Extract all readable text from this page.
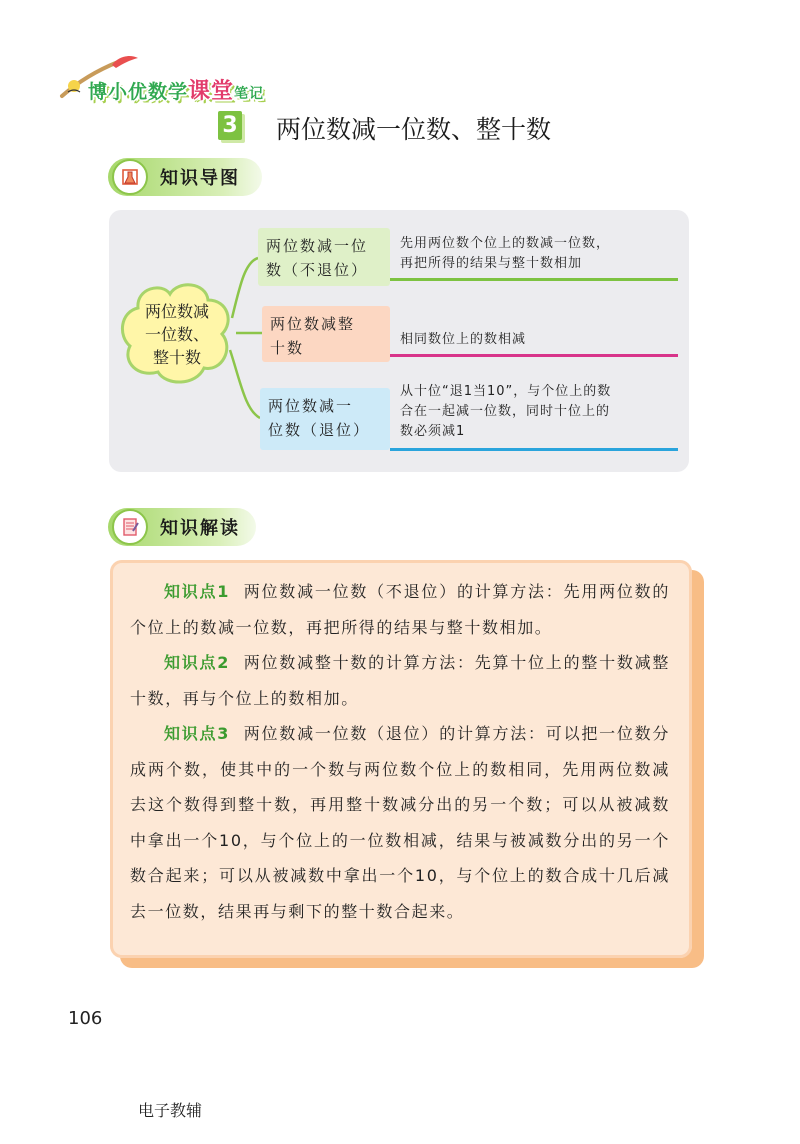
博小优数学课堂笔记
3 两位数减一位数、整十数
知识导图
两位数减
一位数、
整十数
两位数减一位
数（不退位）
先用两位数个位上的数减一位数，
再把所得的结果与整十数相加
两位数减整
十数	相同数位上的数相减
两位数减一
位数（退位）
从十位“退1当10”，与个位上的数
合在一起减一位数，同时十位上的
数必须减1
知识解读
知识点1 两位数减一位数（不退位）的计算方法：先用两位数的个位上的数减一位数，再把所得的结果与整十数相加。
知识点2 两位数减整十数的计算方法：先算十位上的整十数减整十数，再与个位上的数相加。
知识点3 两位数减一位数（退位）的计算方法：可以把一位数分成两个数，使其中的一个数与两位数个位上的数相同，先用两位数减去这个数得到整十数，再用整十数减分出的另一个数；可以从被减数中拿出一个10，与个位上的一位数相减，结果与被减数分出的另一个数合起来；可以从被减数中拿出一个10，与个位上的数合成十几后减去一位数，结果再与剩下的整十数合起来。
106
电子教辅
